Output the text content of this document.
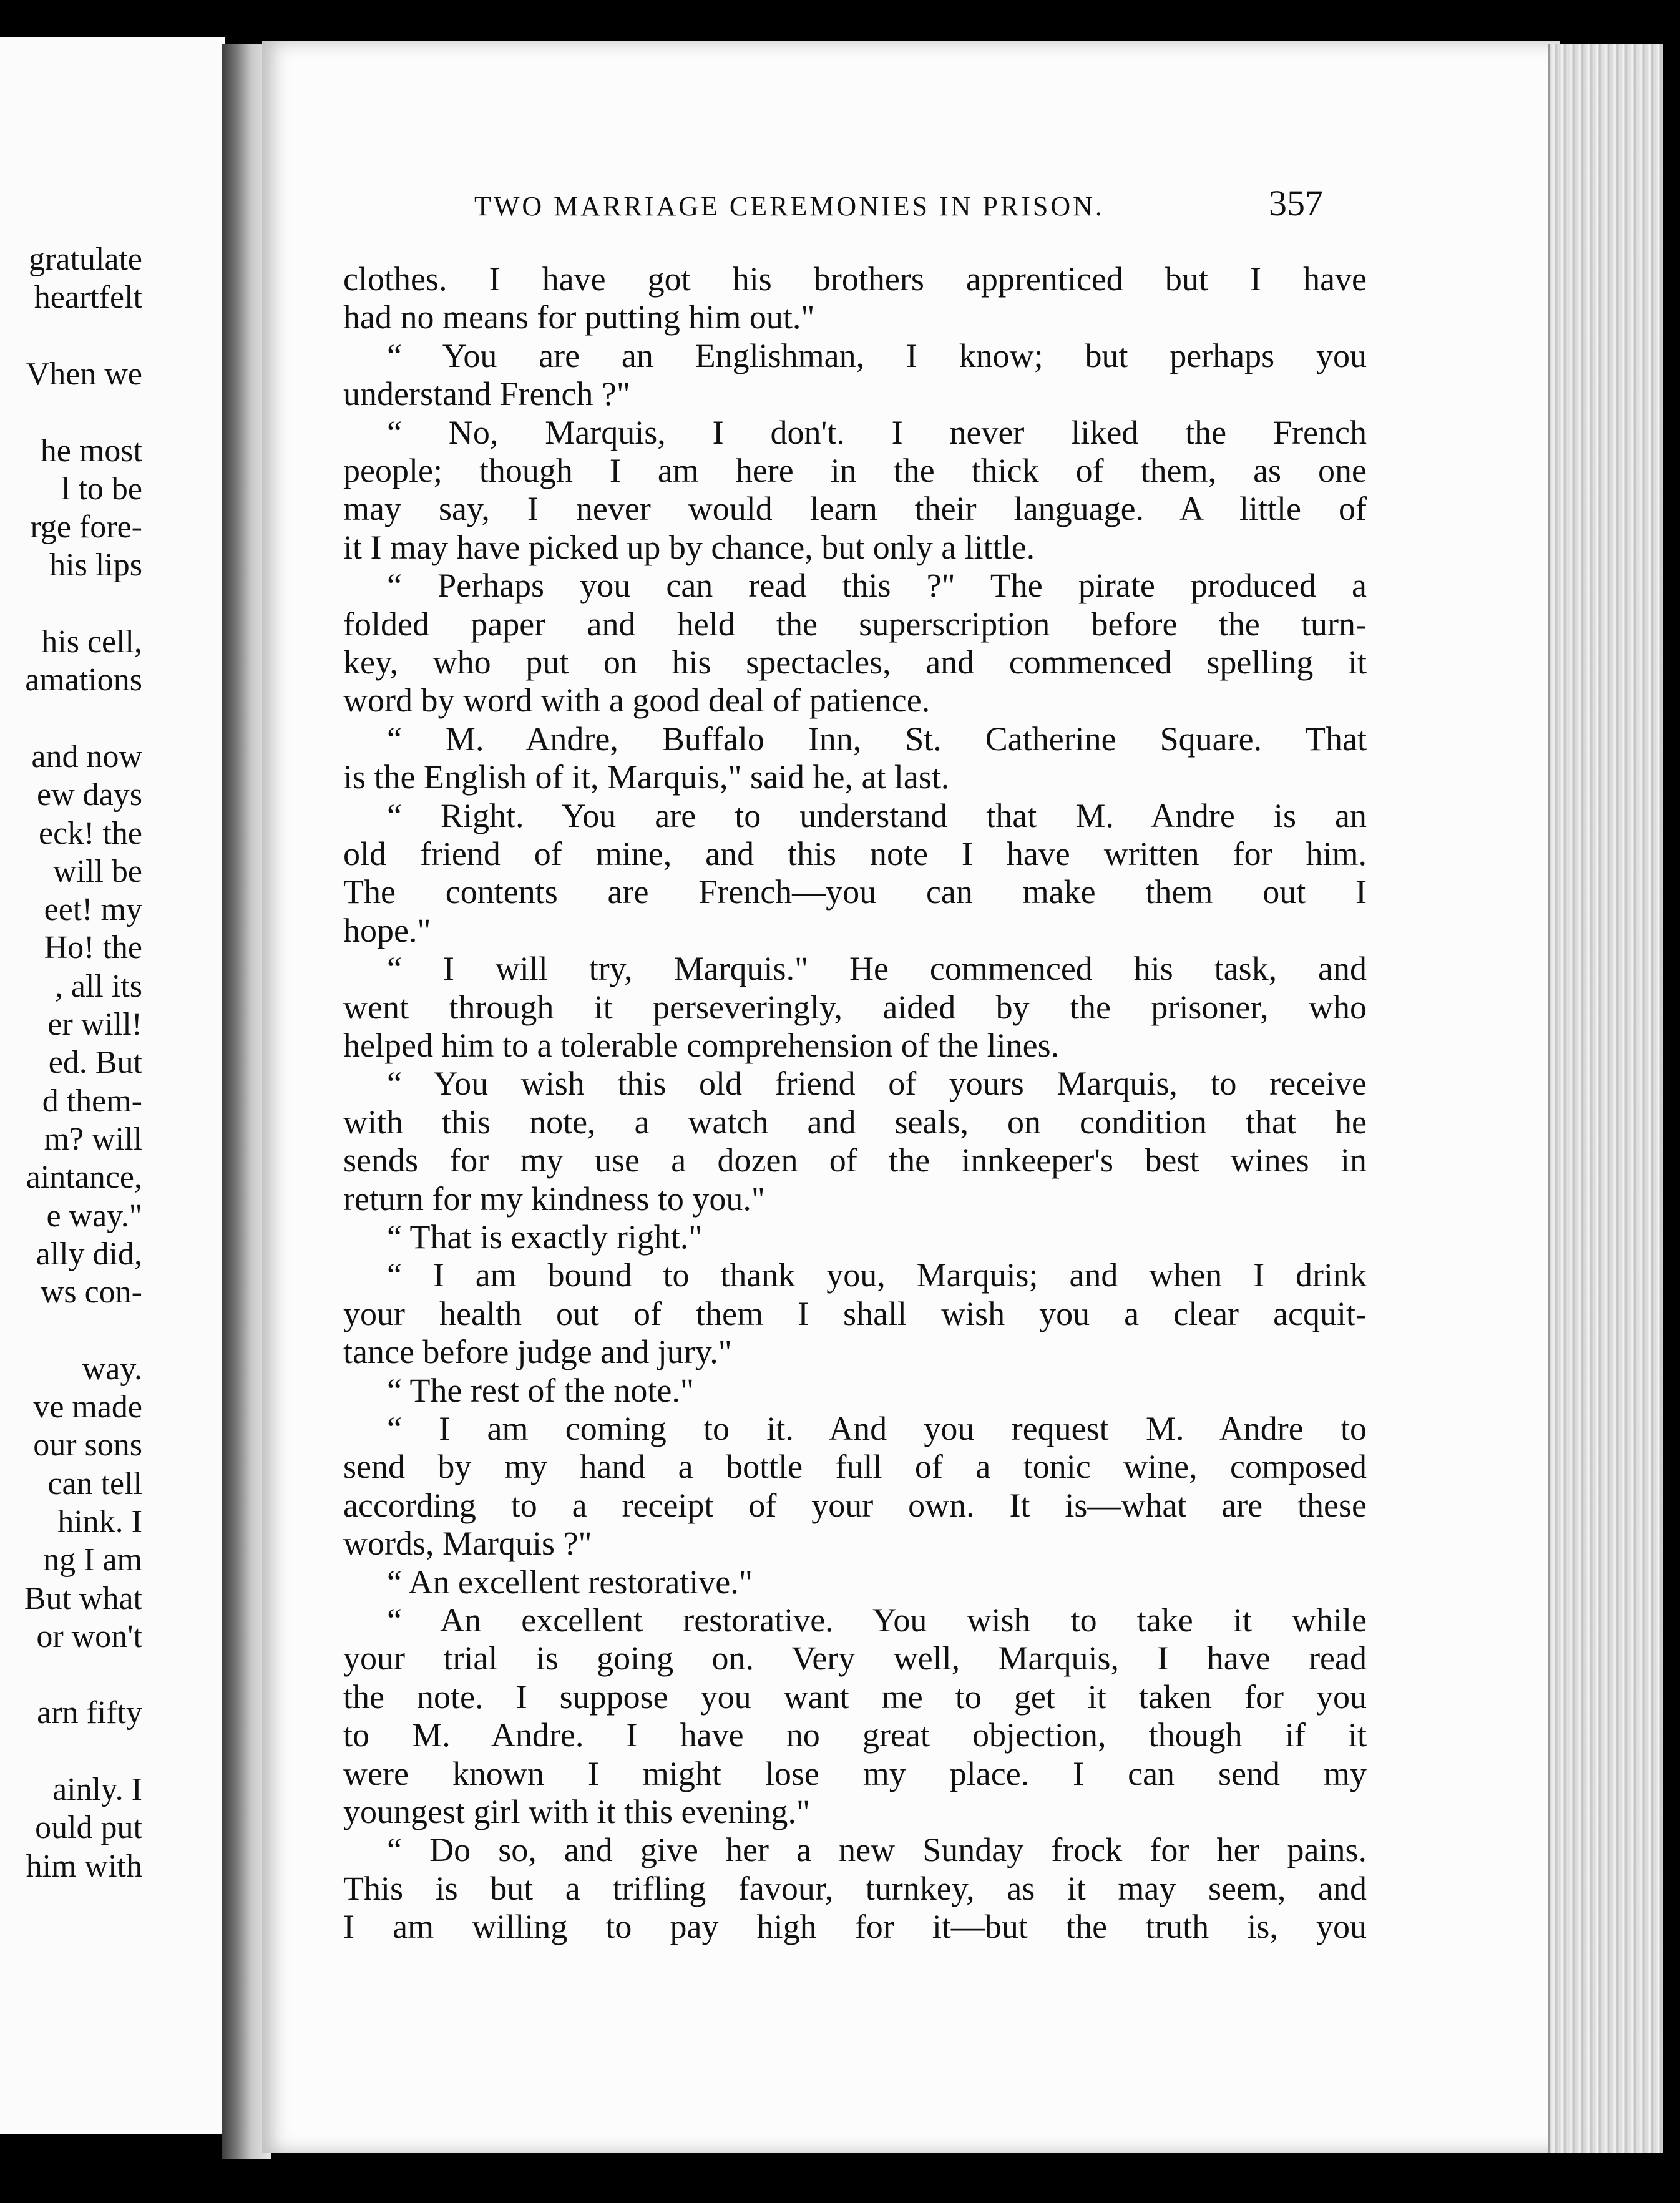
gratulate
heartfelt
Vhen we
he most
l to be
rge fore-
his lips
his cell,
amations
and now
ew days
eck! the
will be
eet! my
Ho! the
, all its
er will!
ed. But
d them-
m? will
aintance,
e way."
ally did,
ws con-
way.
ve made
our sons
can tell
hink. I
ng I am
But what
or won't
arn fifty
ainly. I
ould put
him with
TWO MARRIAGE CEREMONIES IN PRISON.	357
clothes. I have got his brothers apprenticed but I have
had no means for putting him out."
“ You are an Englishman, I know; but perhaps you
understand French ?"
“ No, Marquis, I don't. I never liked the French
people; though I am here in the thick of them, as one
may say, I never would learn their language. A little of
it I may have picked up by chance, but only a little.
“ Perhaps you can read this ?" The pirate produced a
folded paper and held the superscription before the turn-
key, who put on his spectacles, and commenced spelling it
word by word with a good deal of patience.
“ M. Andre, Buffalo Inn, St. Catherine Square. That
is the English of it, Marquis," said he, at last.
“ Right. You are to understand that M. Andre is an
old friend of mine, and this note I have written for him.
The contents are French—you can make them out I
hope."
“ I will try, Marquis." He commenced his task, and
went through it perseveringly, aided by the prisoner, who
helped him to a tolerable comprehension of the lines.
“ You wish this old friend of yours Marquis, to receive
with this note, a watch and seals, on condition that he
sends for my use a dozen of the innkeeper's best wines in
return for my kindness to you."
“ That is exactly right."
“ I am bound to thank you, Marquis; and when I drink
your health out of them I shall wish you a clear acquit-
tance before judge and jury."
“ The rest of the note."
“ I am coming to it. And you request M. Andre to
send by my hand a bottle full of a tonic wine, composed
according to a receipt of your own. It is—what are these
words, Marquis ?"
“ An excellent restorative."
“ An excellent restorative. You wish to take it while
your trial is going on. Very well, Marquis, I have read
the note. I suppose you want me to get it taken for you
to M. Andre. I have no great objection, though if it
were known I might lose my place. I can send my
youngest girl with it this evening."
“ Do so, and give her a new Sunday frock for her pains.
This is but a trifling favour, turnkey, as it may seem, and
I am willing to pay high for it—but the truth is, you
